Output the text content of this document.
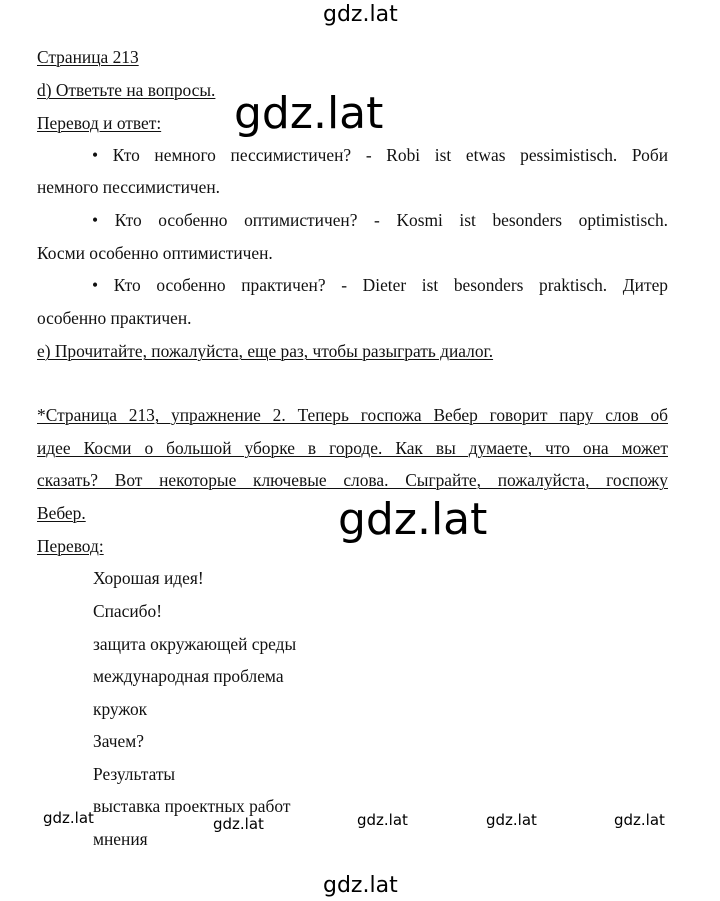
gdz.lat
gdz.lat
gdz.lat
gdz.lat	gdz.lat	gdz.lat	gdz.lat	gdz.lat
gdz.lat
Страница 213
d) Ответьте на вопросы.
Перевод и ответ:
• Кто немного пессимистичен? - Robi ist etwas pessimistisch. Роби
немного пессимистичен.
• Кто особенно оптимистичен? - Kosmi ist besonders optimistisch.
Косми особенно оптимистичен.
• Кто особенно практичен? - Dieter ist besonders praktisch. Дитер
особенно практичен.
e) Прочитайте, пожалуйста, еще раз, чтобы разыграть диалог.
*Страница 213, упражнение 2. Теперь госпожа Вебер говорит пару слов об
идее Косми о большой уборке в городе. Как вы думаете, что она может
сказать? Вот некоторые ключевые слова. Сыграйте, пожалуйста, госпожу
Вебер.
Перевод:
Хорошая идея!
Спасибо!
защита окружающей среды
международная проблема
кружок
Зачем?
Результаты
выставка проектных работ
мнения
